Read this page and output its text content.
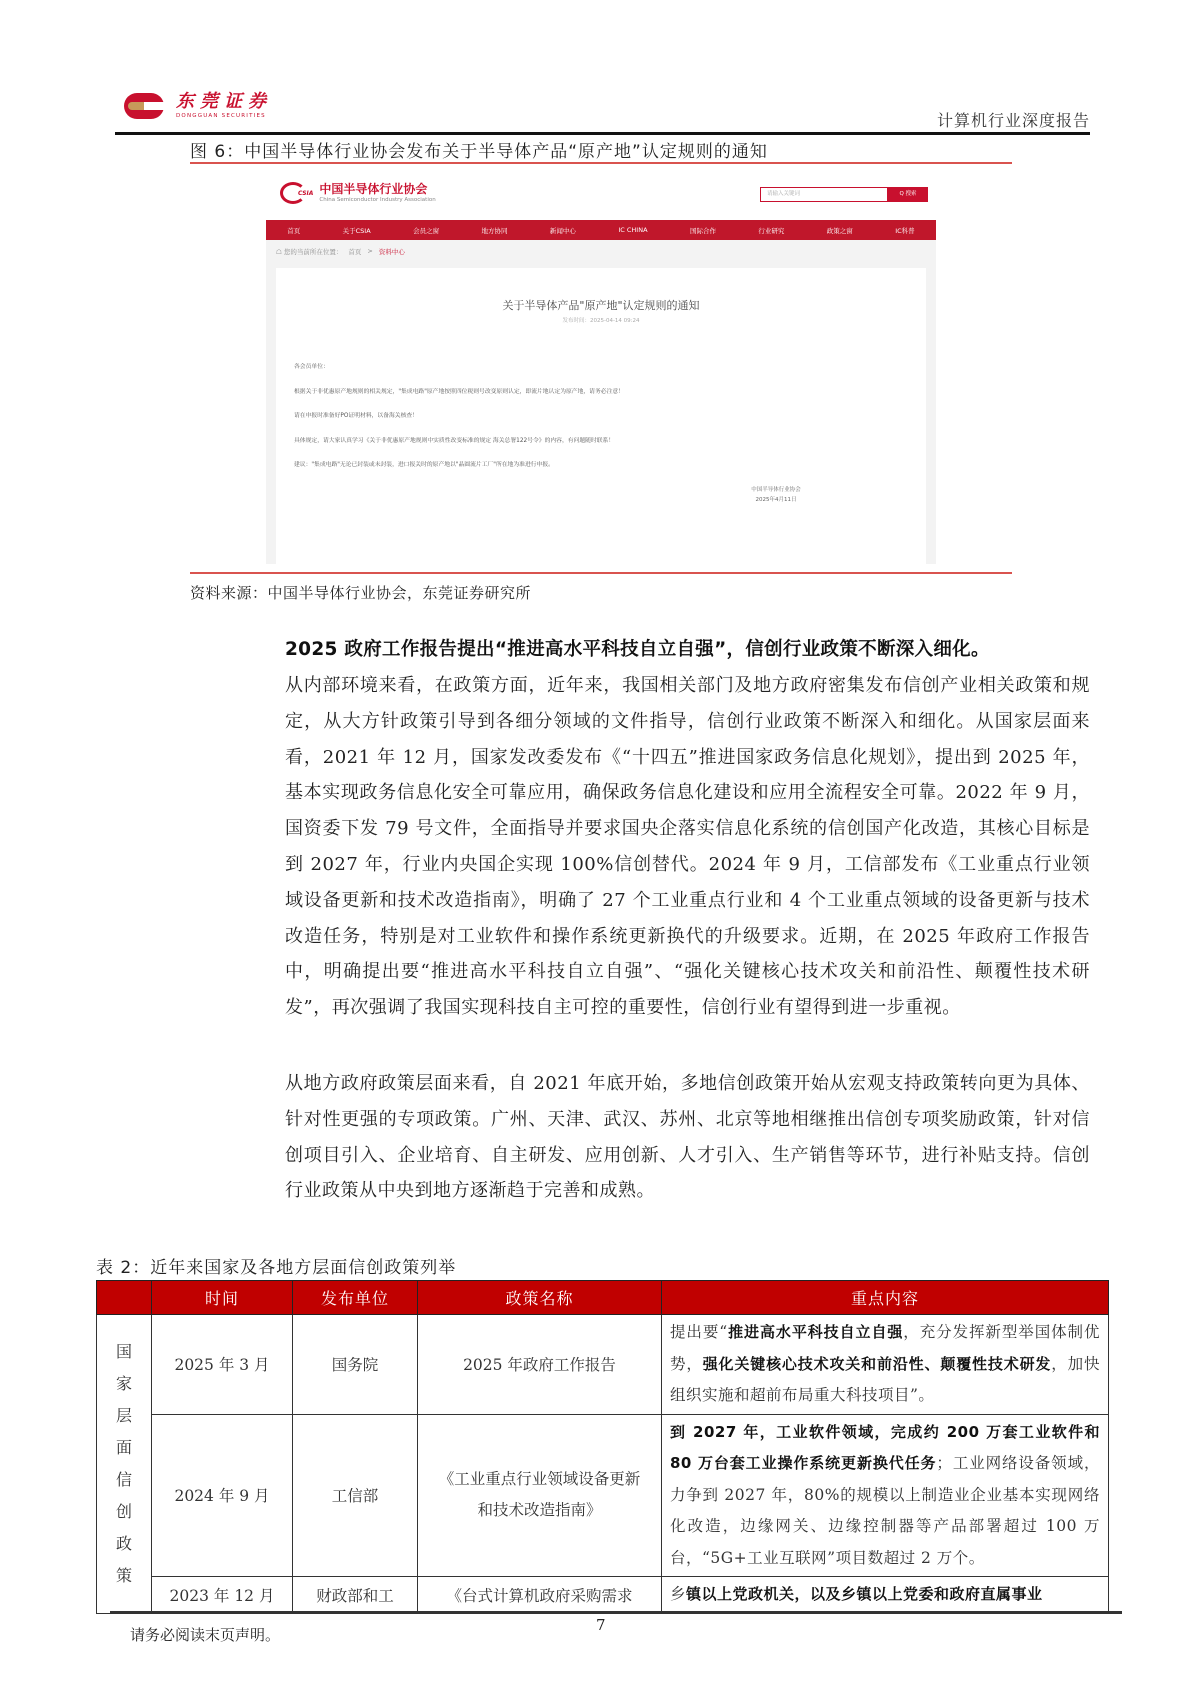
东莞证券
DONGGUAN SECURITIES	计算机行业深度报告
图 6：中国半导体行业协会发布关于半导体产品“原产地”认定规则的通知
CSIA 中国半导体行业协会
China Semiconductor Industry Association
请输入关键词	Q 搜索
首页	关于CSIA	会员之窗	地方协同	新闻中心	IC CHINA	国际合作	行业研究	政策之窗	IC科普
☖ 您的当前所在位置： 首页 > 资料中心
关于半导体产品"原产地"认定规则的通知
发布时间：2025-04-14 09:24

各会员单位：

根据关于非优惠原产地规则的相关规定，"集成电路"原产地按照四位税则号改变原则认定，即流片地认定为原产地，请务必注意！

请在申报时准备好PO证明材料，以备海关核查！

具体规定，请大家认真学习《关于非优惠原产地规则中实质性改变标准的规定 海关总署122号令》的内容，有问题随时联系！

建议："集成电路"无论已封装或未封装，进口报关时的原产地以"晶圆流片工厂"所在地为准进行申报。

中国半导体行业协会
2025年4月11日
资料来源：中国半导体行业协会，东莞证券研究所
2025 政府工作报告提出“推进高水平科技自立自强”，信创行业政策不断深入细化。

从内部环境来看，在政策方面，近年来，我国相关部门及地方政府密集发布信创产业相关政策和规定，从大方针政策引导到各细分领域的文件指导，信创行业政策不断深入和细化。从国家层面来看，2021 年 12 月，国家发改委发布《“十四五”推进国家政务信息化规划》，提出到 2025 年，基本实现政务信息化安全可靠应用，确保政务信息化建设和应用全流程安全可靠。2022 年 9 月，国资委下发 79 号文件，全面指导并要求国央企落实信息化系统的信创国产化改造，其核心目标是到 2027 年，行业内央国企实现 100%信创替代。2024 年 9 月，工信部发布《工业重点行业领域设备更新和技术改造指南》，明确了 27 个工业重点行业和 4 个工业重点领域的设备更新与技术改造任务，特别是对工业软件和操作系统更新换代的升级要求。近期，在 2025 年政府工作报告中，明确提出要“推进高水平科技自立自强”、“强化关键核心技术攻关和前沿性、颠覆性技术研发”，再次强调了我国实现科技自主可控的重要性，信创行业有望得到进一步重视。

从地方政府政策层面来看，自 2021 年底开始，多地信创政策开始从宏观支持政策转向更为具体、针对性更强的专项政策。广州、天津、武汉、苏州、北京等地相继推出信创专项奖励政策，针对信创项目引入、企业培育、自主研发、应用创新、人才引入、生产销售等环节，进行补贴支持。信创行业政策从中央到地方逐渐趋于完善和成熟。

表 2：近年来国家及各地方层面信创政策列举
	时间	发布单位	政策名称	重点内容
国家层面信创政策	2025 年 3 月	国务院	2025 年政府工作报告	提出要“推进高水平科技自立自强，充分发挥新型举国体制优势，强化关键核心技术攻关和前沿性、颠覆性技术研发，加快组织实施和超前布局重大科技项目”。
	2024 年 9 月	工信部	《工业重点行业领域设备更新和技术改造指南》	到 2027 年，工业软件领域，完成约 200 万套工业软件和 80 万台套工业操作系统更新换代任务；工业网络设备领域，力争到 2027 年，80%的规模以上制造业企业基本实现网络化改造，边缘网关、边缘控制器等产品部署超过 100 万台，“5G+工业互联网”项目数超过 2 万个。
	2023 年 12 月	财政部和工	《台式计算机政府采购需求	乡镇以上党政机关，以及乡镇以上党委和政府直属事业
7
请务必阅读末页声明。
